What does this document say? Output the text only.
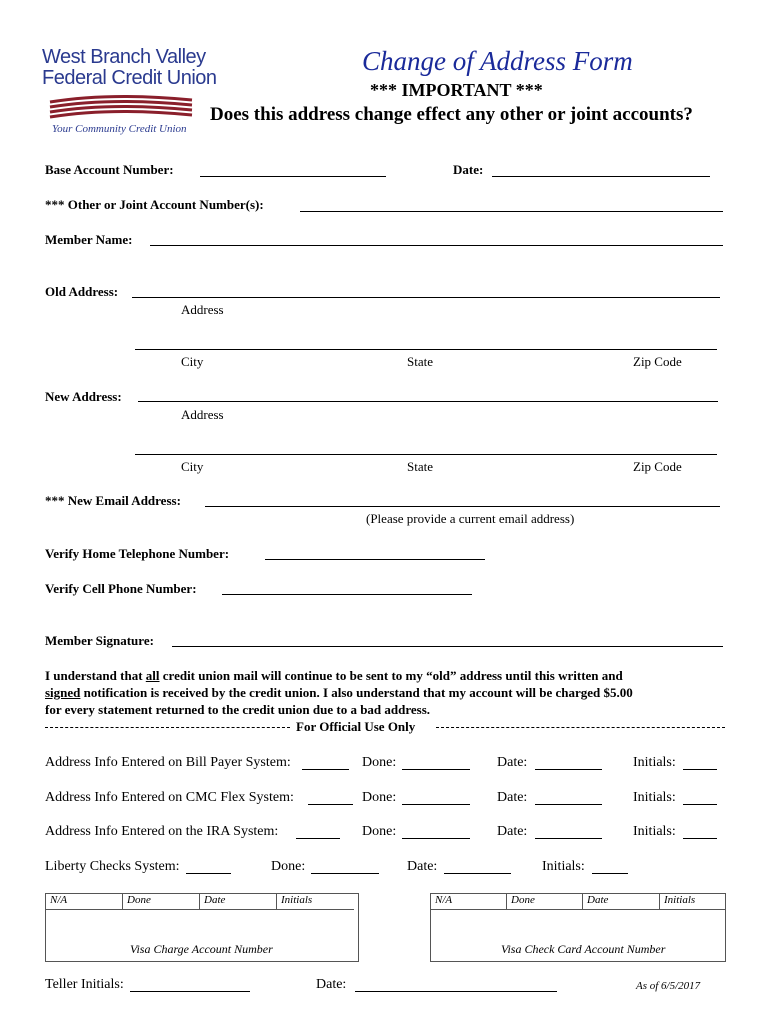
West Branch Valley
Federal Credit Union
Your Community Credit Union
Change of Address Form
*** IMPORTANT ***
Does this address change effect any other or joint accounts?
Base Account Number:	Date:
*** Other or Joint Account Number(s):
Member Name:
Old Address:
Address
City	State	Zip Code
New Address:
Address
City	State	Zip Code
*** New Email Address:
(Please provide a current email address)
Verify Home Telephone Number:
Verify Cell Phone Number:
Member Signature:
I understand that all credit union mail will continue to be sent to my “old” address until this written and
signed notification is received by the credit union. I also understand that my account will be charged $5.00
for every statement returned to the credit union due to a bad address.
For Official Use Only
Address Info Entered on Bill Payer System:	Done:	Date:	Initials:
Address Info Entered on CMC Flex System:	Done:	Date:	Initials:
Address Info Entered on the IRA System:	Done:	Date:	Initials:
Liberty Checks System:	Done:	Date:	Initials:
N/A	Done	Date	Initials
Visa Charge Account Number
N/A	Done	Date	Initials
Visa Check Card Account Number
Teller Initials:	Date:	As of 6/5/2017
